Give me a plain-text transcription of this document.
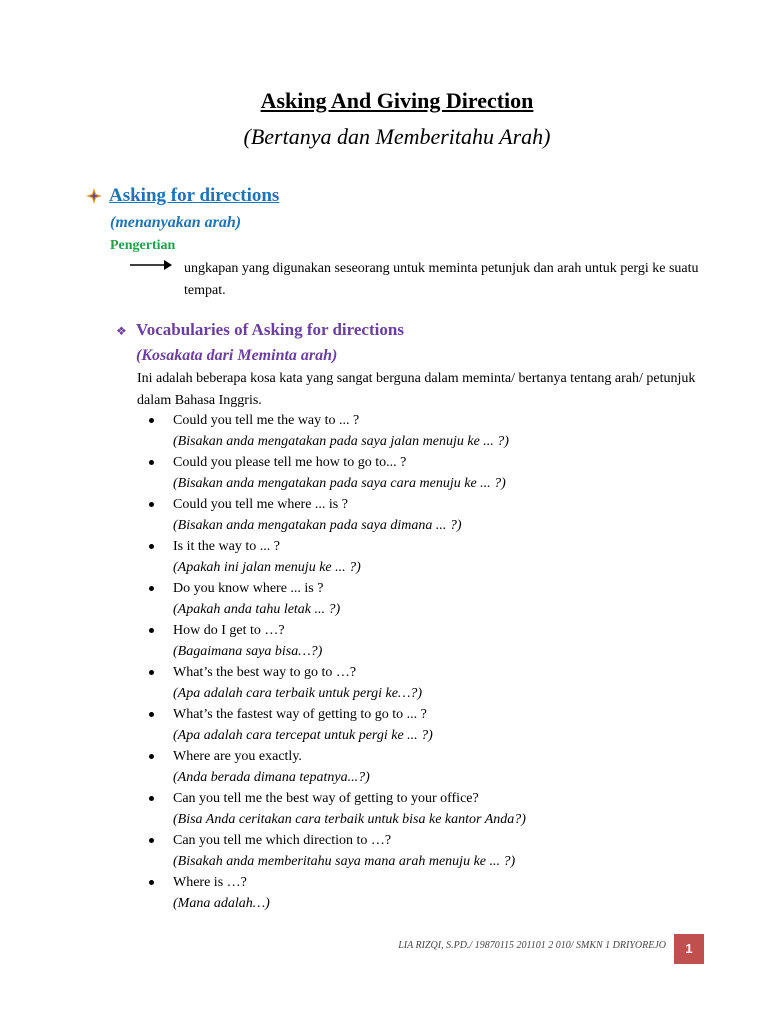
Asking And Giving Direction
(Bertanya dan Memberitahu Arah)
Asking for directions
(menanyakan arah)
Pengertian
ungkapan yang digunakan seseorang untuk meminta petunjuk dan arah untuk pergi ke suatu tempat.
❖ Vocabularies of Asking for directions
(Kosakata dari Meminta arah)
Ini adalah beberapa kosa kata yang sangat berguna dalam meminta/ bertanya tentang arah/ petunjuk dalam Bahasa Inggris.
Could you tell me the way to ... ?
(Bisakan anda mengatakan pada saya jalan menuju ke ... ?)
Could you please tell me how to go to... ?
(Bisakan anda mengatakan pada saya cara menuju ke ... ?)
Could you tell me where ... is ?
(Bisakan anda mengatakan pada saya dimana ... ?)
Is it the way to ... ?
(Apakah ini jalan menuju ke ... ?)
Do you know where ... is ?
(Apakah anda tahu letak ... ?)
How do I get to …?
(Bagaimana saya bisa…?)
What’s the best way to go to …?
(Apa adalah cara terbaik untuk pergi ke…?)
What’s the fastest way of getting to go to ... ?
(Apa adalah cara tercepat untuk pergi ke ... ?)
Where are you exactly.
(Anda berada dimana tepatnya...?)
Can you tell me the best way of getting to your office?
(Bisa Anda ceritakan cara terbaik untuk bisa ke kantor Anda?)
Can you tell me which direction to …?
(Bisakah anda memberitahu saya mana arah menuju ke ... ?)
Where is …?
(Mana adalah…)
LIA RIZQI, S.PD./ 19870115 201101 2 010/ SMKN 1 DRIYOREJO	1
